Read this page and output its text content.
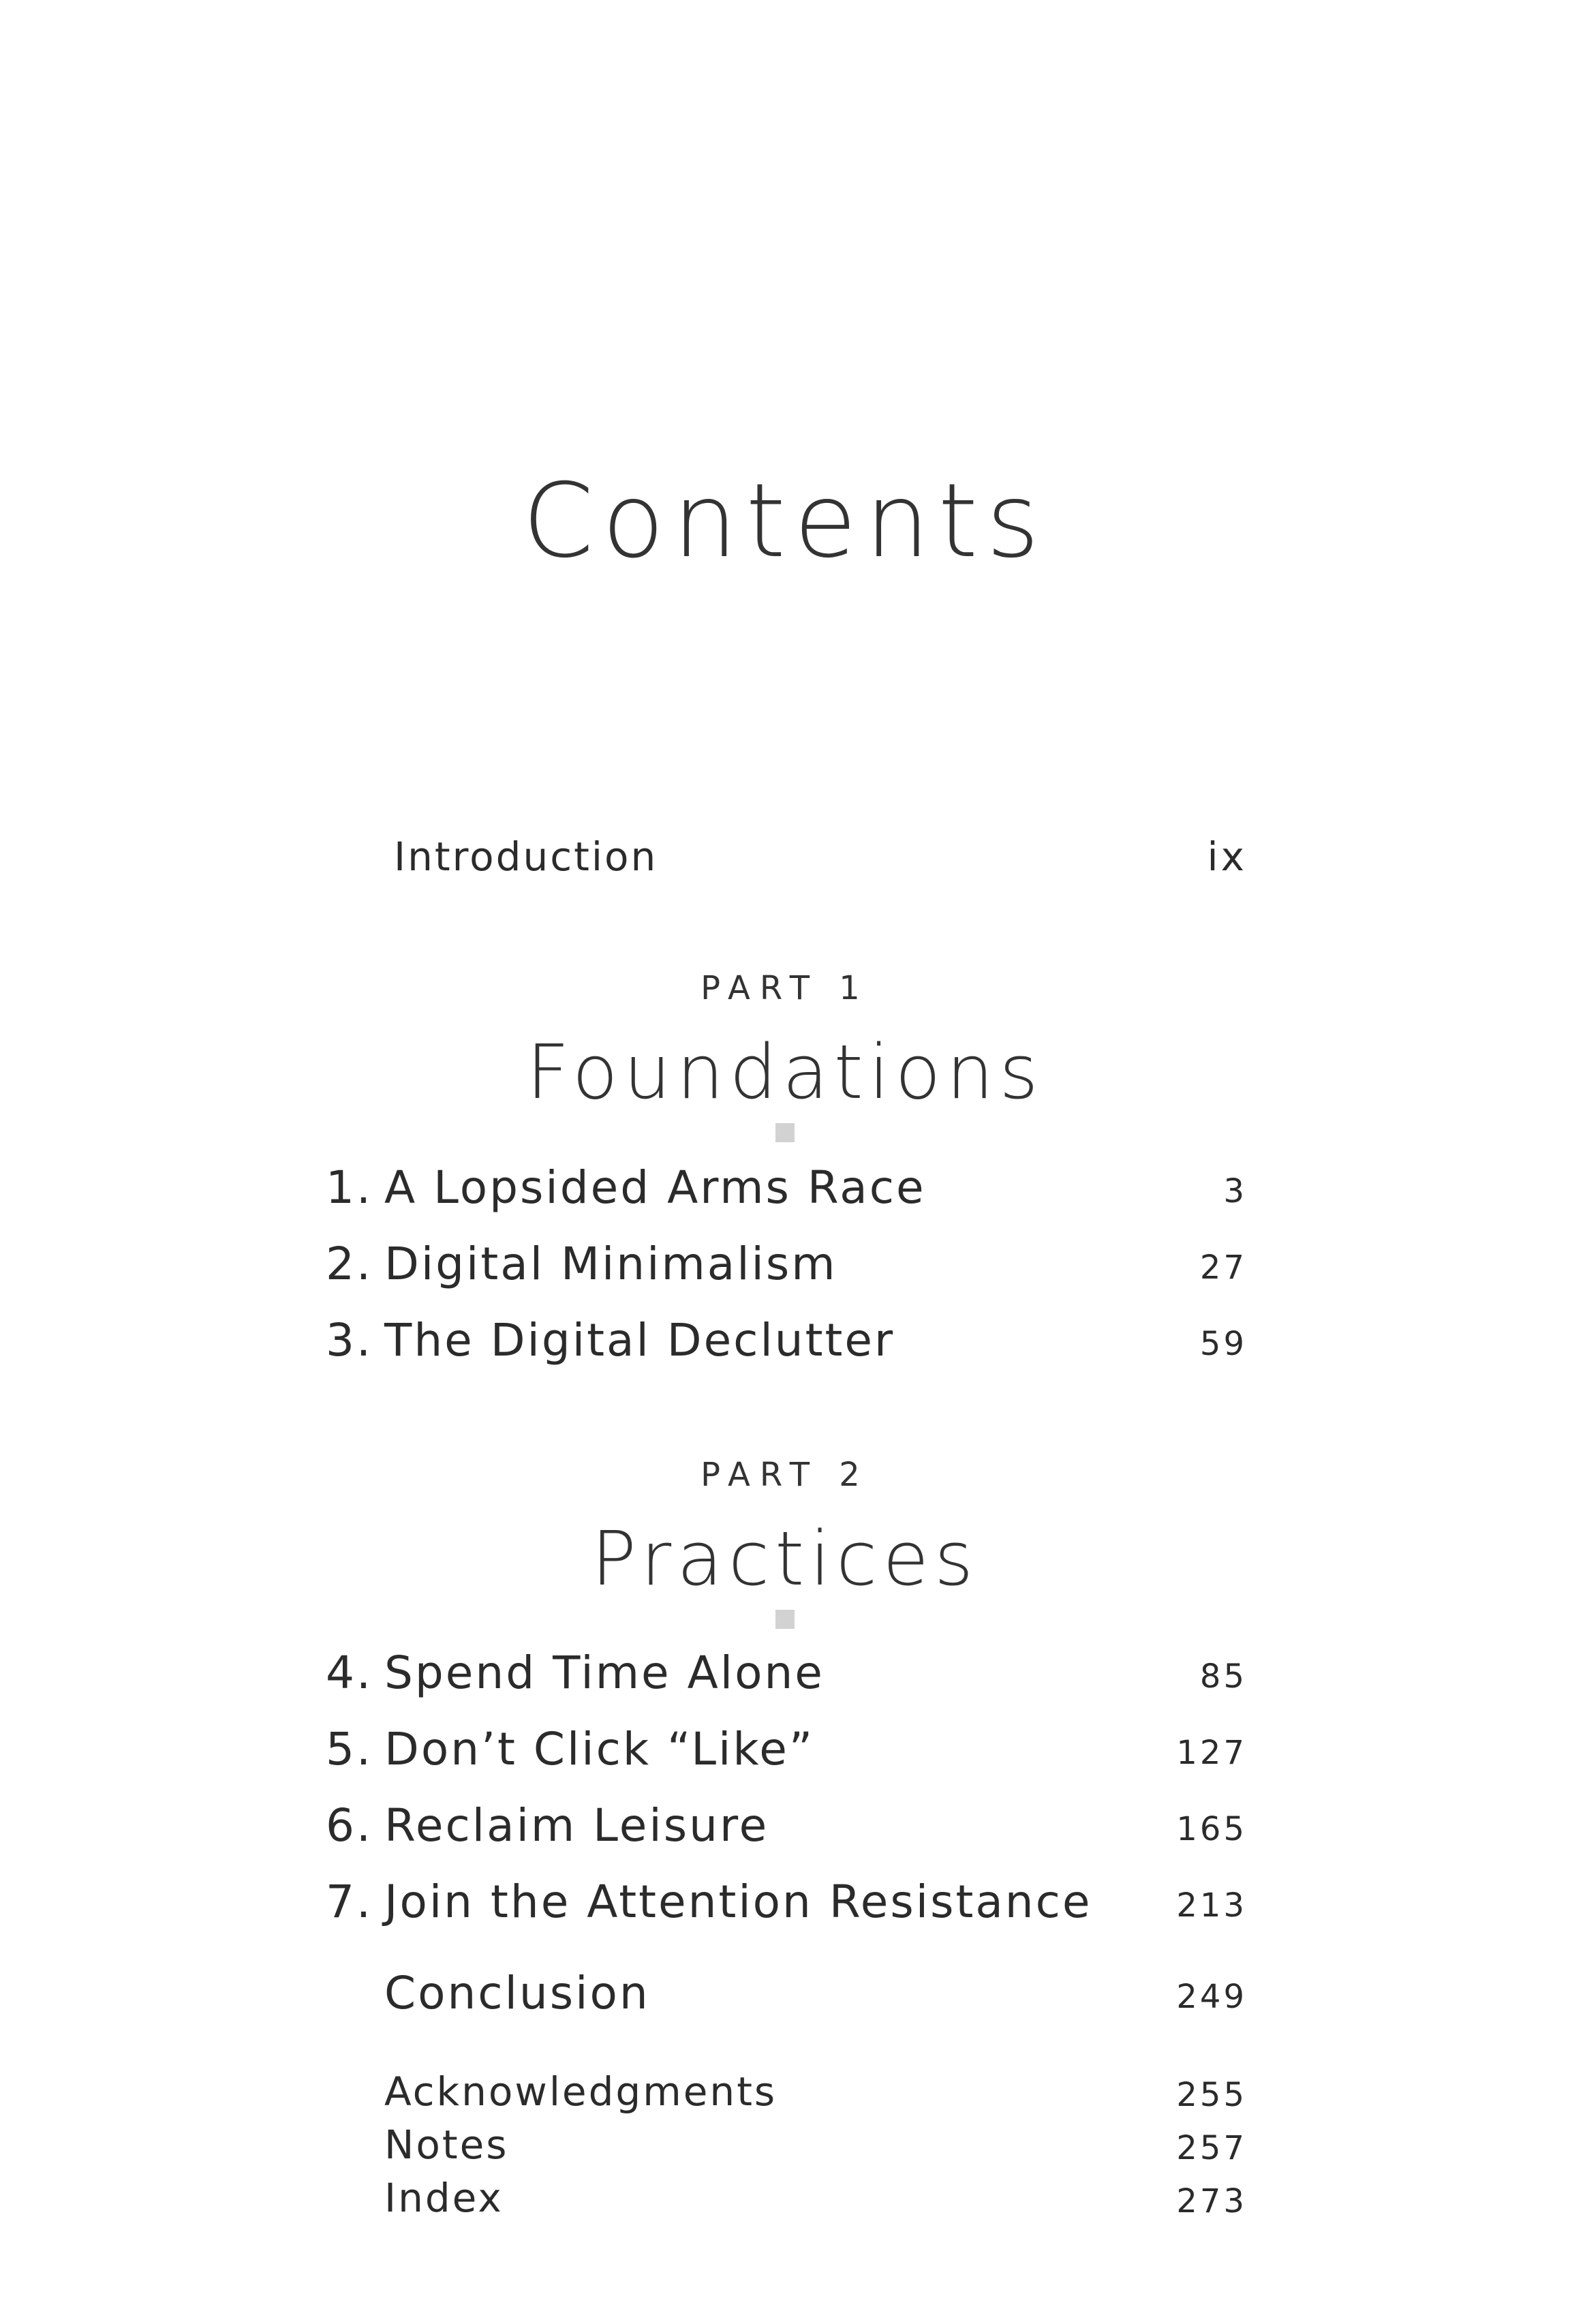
Contents
Introduction	ix
PART 1
Foundations
1. A Lopsided Arms Race	3
2. Digital Minimalism	27
3. The Digital Declutter	59
PART 2
Practices
4. Spend Time Alone	85
5. Don’t Click “Like”	127
6. Reclaim Leisure	165
7. Join the Attention Resistance	213
Conclusion	249
Acknowledgments	255
Notes	257
Index	273
